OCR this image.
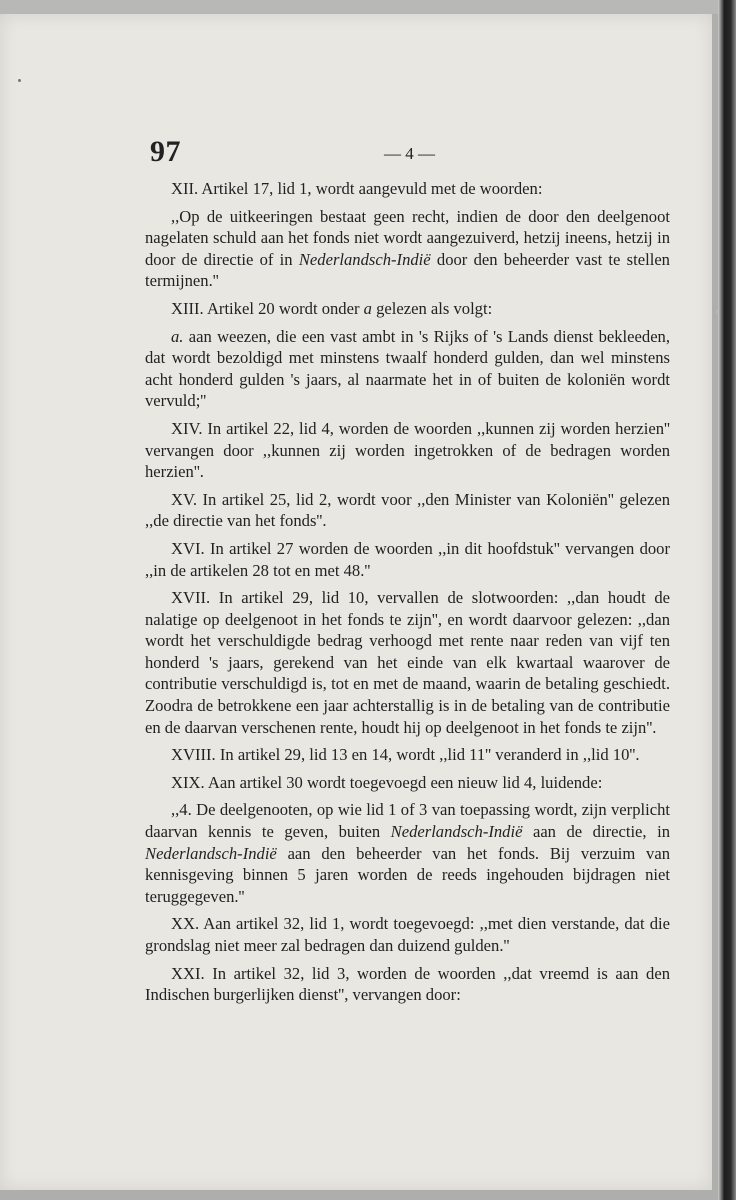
97	— 4 —

XII. Artikel 17, lid 1, wordt aangevuld met de woorden:

,,Op de uitkeeringen bestaat geen recht, indien de door den deelgenoot nagelaten schuld aan het fonds niet wordt aangezuiverd, hetzij ineens, hetzij in door de directie of in Nederlandsch-Indië door den beheerder vast te stellen termijnen.''

XIII. Artikel 20 wordt onder a gelezen als volgt:

a. aan weezen, die een vast ambt in 's Rijks of 's Lands dienst bekleeden, dat wordt bezoldigd met minstens twaalf honderd gulden, dan wel minstens acht honderd gulden 's jaars, al naarmate het in of buiten de koloniën wordt vervuld;''

XIV. In artikel 22, lid 4, worden de woorden ,,kunnen zij worden herzien'' vervangen door ,,kunnen zij worden ingetrokken of de bedragen worden herzien''.

XV. In artikel 25, lid 2, wordt voor ,,den Minister van Koloniën'' gelezen ,,de directie van het fonds''.

XVI. In artikel 27 worden de woorden ,,in dit hoofdstuk'' vervangen door ,,in de artikelen 28 tot en met 48.''

XVII. In artikel 29, lid 10, vervallen de slotwoorden: ,,dan houdt de nalatige op deelgenoot in het fonds te zijn'', en wordt daarvoor gelezen: ,,dan wordt het verschuldigde bedrag verhoogd met rente naar reden van vijf ten honderd 's jaars, gerekend van het einde van elk kwartaal waarover de contributie verschuldigd is, tot en met de maand, waarin de betaling geschiedt. Zoodra de betrokkene een jaar achterstallig is in de betaling van de contributie en de daarvan verschenen rente, houdt hij op deelgenoot in het fonds te zijn''.

XVIII. In artikel 29, lid 13 en 14, wordt ,,lid 11'' veranderd in ,,lid 10''.

XIX. Aan artikel 30 wordt toegevoegd een nieuw lid 4, luidende:

,,4. De deelgenooten, op wie lid 1 of 3 van toepassing wordt, zijn verplicht daarvan kennis te geven, buiten Nederlandsch-Indië aan de directie, in Nederlandsch-Indië aan den beheerder van het fonds. Bij verzuim van kennisgeving binnen 5 jaren worden de reeds ingehouden bijdragen niet teruggegeven.''

XX. Aan artikel 32, lid 1, wordt toegevoegd: ,,met dien verstande, dat die grondslag niet meer zal bedragen dan duizend gulden.''

XXI. In artikel 32, lid 3, worden de woorden ,,dat vreemd is aan den Indischen burgerlijken dienst'', vervangen door:
